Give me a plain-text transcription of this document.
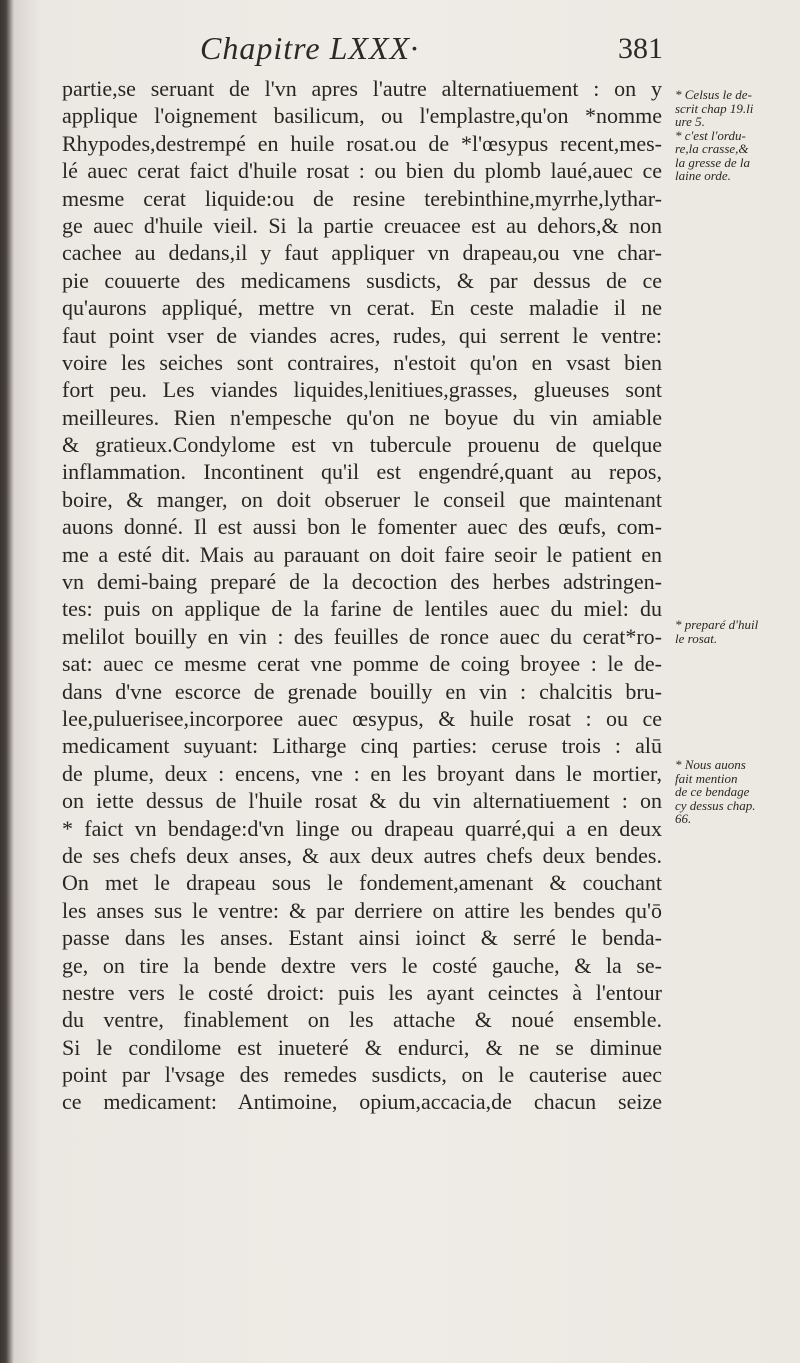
Chapitre LXXX·	381
partie,se seruant de l'vn apres l'autre alternatiuement : on y
applique l'oignement basilicum, ou l'emplastre,qu'on *nomme
Rhypodes,destrempé en huile rosat.ou de *l'œsypus recent,mes-
lé auec cerat faict d'huile rosat : ou bien du plomb laué,auec ce
mesme cerat liquide:ou de resine terebinthine,myrrhe,lythar-
ge auec d'huile vieil. Si la partie creuacee est au dehors,& non
cachee au dedans,il y faut appliquer vn drapeau,ou vne char-
pie couuerte des medicamens susdicts, & par dessus de ce
qu'aurons appliqué, mettre vn cerat. En ceste maladie il ne
faut point vser de viandes acres, rudes, qui serrent le ventre:
voire les seiches sont contraires, n'estoit qu'on en vsast bien
fort peu. Les viandes liquides,lenitiues,grasses, glueuses sont
meilleures. Rien n'empesche qu'on ne boyue du vin amiable
& gratieux.Condylome est vn tubercule prouenu de quelque
inflammation. Incontinent qu'il est engendré,quant au repos,
boire, & manger, on doit obseruer le conseil que maintenant
auons donné. Il est aussi bon le fomenter auec des œufs, com-
me a esté dit. Mais au parauant on doit faire seoir le patient en
vn demi-baing preparé de la decoction des herbes adstringen-
tes: puis on applique de la farine de lentiles auec du miel: du
melilot bouilly en vin : des feuilles de ronce auec du cerat*ro-
sat: auec ce mesme cerat vne pomme de coing broyee : le de-
dans d'vne escorce de grenade bouilly en vin : chalcitis bru-
lee,pulueriseе,incorporee auec œsypus, & huile rosat : ou ce
medicament suyuant: Litharge cinq parties: ceruse trois : alū
de plume, deux : encens, vne : en les broyant dans le mortier,
on iette dessus de l'huile rosat & du vin alternatiuement : on
* faict vn bendage:d'vn linge ou drapeau quarré,qui a en deux
de ses chefs deux anses, & aux deux autres chefs deux bendes.
On met le drapeau sous le fondement,amenant & couchant
les anses sus le ventre: & par derriere on attire les bendes qu'ō
passe dans les anses. Estant ainsi ioinct & serré le benda-
ge, on tire la bende dextre vers le costé gauche, & la se-
nestre vers le costé droict: puis les ayant ceinctes à l'entour
du ventre, finablement on les attache & noué ensemble.
Si le condilome est inueteré & endurci, & ne se diminue
point par l'vsage des remedes susdicts, on le cauterise auec
ce medicament: Antimoine, opium,accacia,de chacun seize
* Celsus le de-
scrit chap 19.li
ure 5.
* c'est l'ordu-
re,la crasse,&
la gresse de la
laine orde.
* preparé d'huil
le rosat.
* Nous auons
fait mention
de ce bendage
cy dessus chap.
66.
